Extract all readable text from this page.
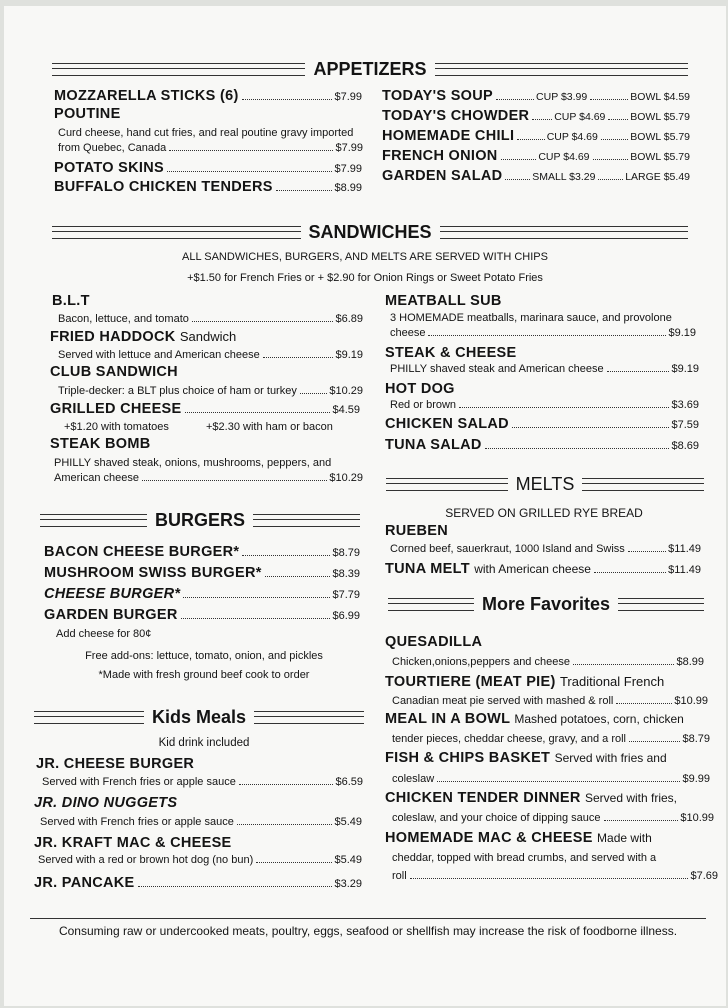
APPETIZERS
MOZZARELLA STICKS (6)	$7.99
POUTINE
Curd cheese, hand cut fries, and real poutine gravy imported
from Quebec, Canada	$7.99
POTATO SKINS	$7.99
BUFFALO CHICKEN TENDERS	$8.99
TODAY'S SOUP	CUP $3.99	BOWL $4.59
TODAY'S CHOWDER CUP $4.69 BOWL $5.79
HOMEMADE CHILI	CUP $4.69	BOWL $5.79
FRENCH ONION	CUP $4.69	BOWL $5.79
GARDEN SALAD	SMALL $3.29	LARGE $5.49
SANDWICHES
ALL SANDWICHES, BURGERS, AND MELTS ARE SERVED WITH CHIPS
+$1.50 for French Fries or + $2.90 for Onion Rings or Sweet Potato Fries
B.L.T
Bacon, lettuce, and tomato	$6.89
FRIED HADDOCK Sandwich
Served with lettuce and American cheese	$9.19
CLUB SANDWICH
Triple-decker: a BLT plus choice of ham or turkey	$10.29
GRILLED CHEESE	$4.59
+$1.20 with tomatoes	+$2.30 with ham or bacon
STEAK BOMB
PHILLY shaved steak, onions, mushrooms, peppers, and
American cheese	$10.29
MEATBALL SUB
3 HOMEMADE meatballs, marinara sauce, and provolone
cheese	$9.19
STEAK & CHEESE
PHILLY shaved steak and American cheese	$9.19
HOT DOG
Red or brown	$3.69
CHICKEN SALAD	$7.59
TUNA SALAD	$8.69
BURGERS
BACON CHEESE BURGER*	$8.79
MUSHROOM SWISS BURGER*	$8.39
CHEESE BURGER*	$7.79
GARDEN BURGER	$6.99
Add cheese for 80¢
Free add-ons: lettuce, tomato, onion, and pickles
*Made with fresh ground beef cook to order
Kids Meals
Kid drink included
JR. CHEESE BURGER
Served with French fries or apple sauce	$6.59
JR. DINO NUGGETS
Served with French fries or apple sauce	$5.49
JR. KRAFT MAC & CHEESE
Served with a red or brown hot dog (no bun)	$5.49
JR. PANCAKE	$3.29
MELTS
SERVED ON GRILLED RYE BREAD
RUEBEN
Corned beef, sauerkraut, 1000 Island and Swiss	$11.49
TUNA MELT with American cheese	$11.49
More Favorites
QUESADILLA
Chicken,onions,peppers and cheese	$8.99
TOURTIERE (MEAT PIE) Traditional French
Canadian meat pie served with mashed & roll	$10.99
MEAL IN A BOWL Mashed potatoes, corn, chicken
tender pieces, cheddar cheese, gravy, and a roll	$8.79
FISH & CHIPS BASKET Served with fries and
coleslaw	$9.99
CHICKEN TENDER DINNER Served with fries,
coleslaw, and your choice of dipping sauce	$10.99
HOMEMADE MAC & CHEESE Made with
cheddar, topped with bread crumbs, and served with a
roll	$7.69
Consuming raw or undercooked meats, poultry, eggs, seafood or shellfish may increase the risk of foodborne illness.
